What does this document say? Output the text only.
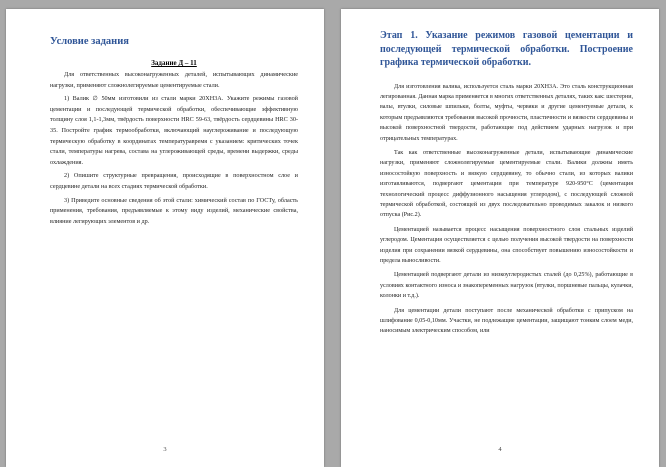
Условие задания
Задание Д – 11

Для ответственных высоконагруженных деталей, испытывающих динамические нагрузки, применяют сложнолегируемые цементируемые стали.

1) Валик ∅ 50мм изготовили из стали марки 20ХН3А. Укажите режимы газовой цементации и последующей термической обработки, обеспечивающие эффективную толщину слоя 1,1-1,3мм, твёрдость поверхности HRC 59-63, твёрдость сердцевины HRC 30-35. Постройте график термообработки, включающий науглероживание и последующую термическую обработку в координатах температуравремя с указанием: критических точек стали, температуры нагрева, состава на углероживающей среды, времени выдержки, среды охлаждения.

2) Опишите структурные превращения, происходящие в поверхностном слое и сердцевине детали на всех стадиях термической обработки.

3) Приведите основные сведения об этой стали: химический состав по ГОСТу, область применения, требования, предъявляемые к этому виду изделий, механические свойства, влияние легирующих элементов и др.

3
Этап 1. Указание режимов газовой цементации и последующей термической обработки. Построение графика термической обработки.

Для изготовления валика, используется сталь марки 20ХН3А. Это сталь конструкционная легированная. Данная марка применяется в многих ответственных деталях, таких как: шестерни, валы, втулки, силовые шпильки, болты, муфты, червяки и другие цементуемые детали, к которым предъявляются требования высокой прочности, пластичности и вязкости сердцевины и высокой поверхностной твердости, работающие под действием ударных нагрузок и при отрицательных температурах.

Так как ответственные высоконагруженные детали, испытывающие динамические нагрузки, применяют сложнолегируемые цементируемые стали. Валики должны иметь износостойкую поверхность и вязкую сердцевину, то обычно стали, из которых валики изготавливаются, подвергают цементации при температуре 920-950°С (цементация технологический процесс диффузионного насыщения углеродом), с последующей сложной термической обработкой, состоящей из двух последовательно проводимых закалок и низкого отпуска (Рис.2).

Цементацией называется процесс насыщения поверхностного слоя стальных изделий углеродом. Цементация осуществляется с целью получения высокой твердости на поверхности изделия при сохранении вязкой сердцевины, она способствует повышению износостойкости и предела выносливости.

Цементацией подвергают детали из низкоуглеродистых сталей (до 0,25%), работающие в условиях контактного износа и знакопеременных нагрузок (втулки, поршневые пальцы, кулачки, колонки и т.д.).

Для цементации детали поступают после механической обработки с припуском на шлифование 0,05-0,10мм. Участки, не подлежащие цементации, защищают тонким слоем меди, наносимым электрическим способом, или

4
